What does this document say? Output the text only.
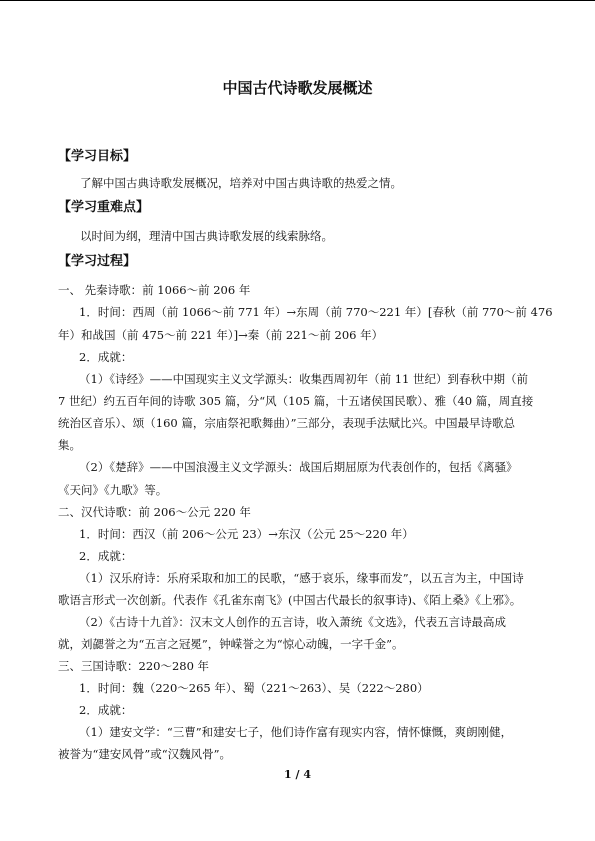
中国古代诗歌发展概述
【学习目标】
了解中国古典诗歌发展概况，培养对中国古典诗歌的热爱之情。
【学习重难点】
以时间为纲，理清中国古典诗歌发展的线索脉络。
【学习过程】
一、 先秦诗歌：前 1066～前 206 年
1．时间：西周（前 1066～前 771 年）→东周（前 770～221 年）[春秋（前 770～前 476
年）和战国（前 475～前 221 年）]→秦（前 221～前 206 年）
2．成就：
（1）《诗经》——中国现实主义文学源头：收集西周初年（前 11 世纪）到春秋中期（前
7 世纪）约五百年间的诗歌 305 篇，分“风（105 篇，十五诸侯国民歌）、雅（40 篇，周直接
统治区音乐）、颂（160 篇，宗庙祭祀歌舞曲）”三部分，表现手法赋比兴。中国最早诗歌总
集。
（2）《楚辞》——中国浪漫主义文学源头：战国后期屈原为代表创作的，包括《离骚》
《天问》《九歌》等。
二、汉代诗歌：前 206～公元 220 年
1．时间：西汉（前 206～公元 23）→东汉（公元 25～220 年）
2．成就：
（1）汉乐府诗：乐府采取和加工的民歌，“感于哀乐，缘事而发”，以五言为主，中国诗
歌语言形式一次创新。代表作《孔雀东南飞》(中国古代最长的叙事诗)、《陌上桑》《上邪》。
（2）《古诗十九首》：汉末文人创作的五言诗，收入萧统《文选》，代表五言诗最高成
就，刘勰誉之为“五言之冠冕”，钟嵘誉之为“惊心动魄，一字千金”。
三、三国诗歌：220～280 年
1．时间：魏（220～265 年）、蜀（221～263）、吴（222～280）
2．成就：
（1）建安文学：“三曹”和建安七子，他们诗作富有现实内容，情怀慷慨，爽朗刚健，
被誉为“建安风骨”或“汉魏风骨”。
1 / 4
